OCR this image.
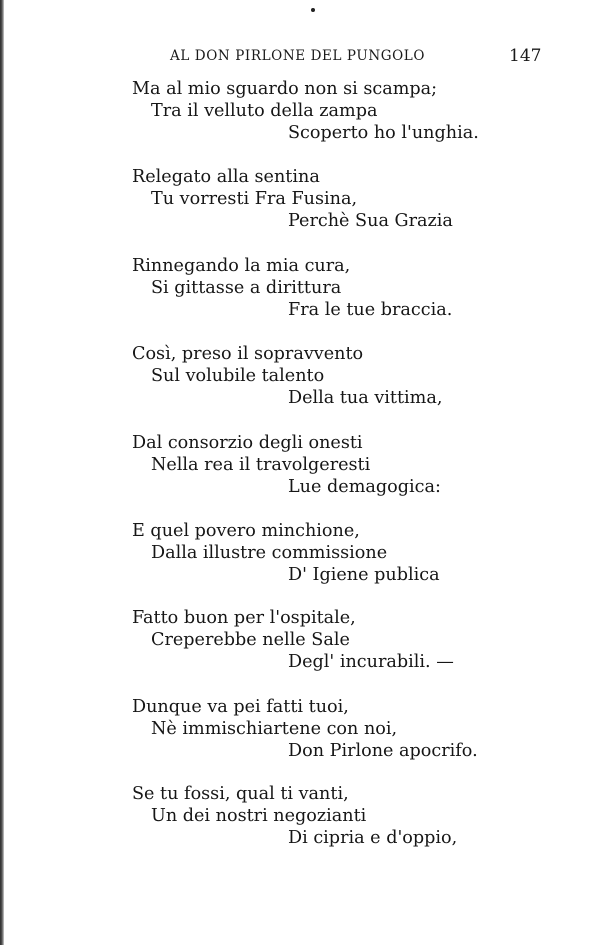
AL DON PIRLONE DEL PUNGOLO	147
Ma al mio sguardo non si scampa;
Tra il velluto della zampa
Scoperto ho l'unghia.
Relegato alla sentina
Tu vorresti Fra Fusina,
Perchè Sua Grazia
Rinnegando la mia cura,
Si gittasse a dirittura
Fra le tue braccia.
Così, preso il sopravvento
Sul volubile talento
Della tua vittima,
Dal consorzio degli onesti
Nella rea il travolgeresti
Lue demagogica:
E quel povero minchione,
Dalla illustre commissione
D' Igiene publica
Fatto buon per l'ospitale,
Creperebbe nelle Sale
Degl' incurabili. —
Dunque va pei fatti tuoi,
Nè immischiartene con noi,
Don Pirlone apocrifo.
Se tu fossi, qual ti vanti,
Un dei nostri negozianti
Di cipria e d'oppio,
